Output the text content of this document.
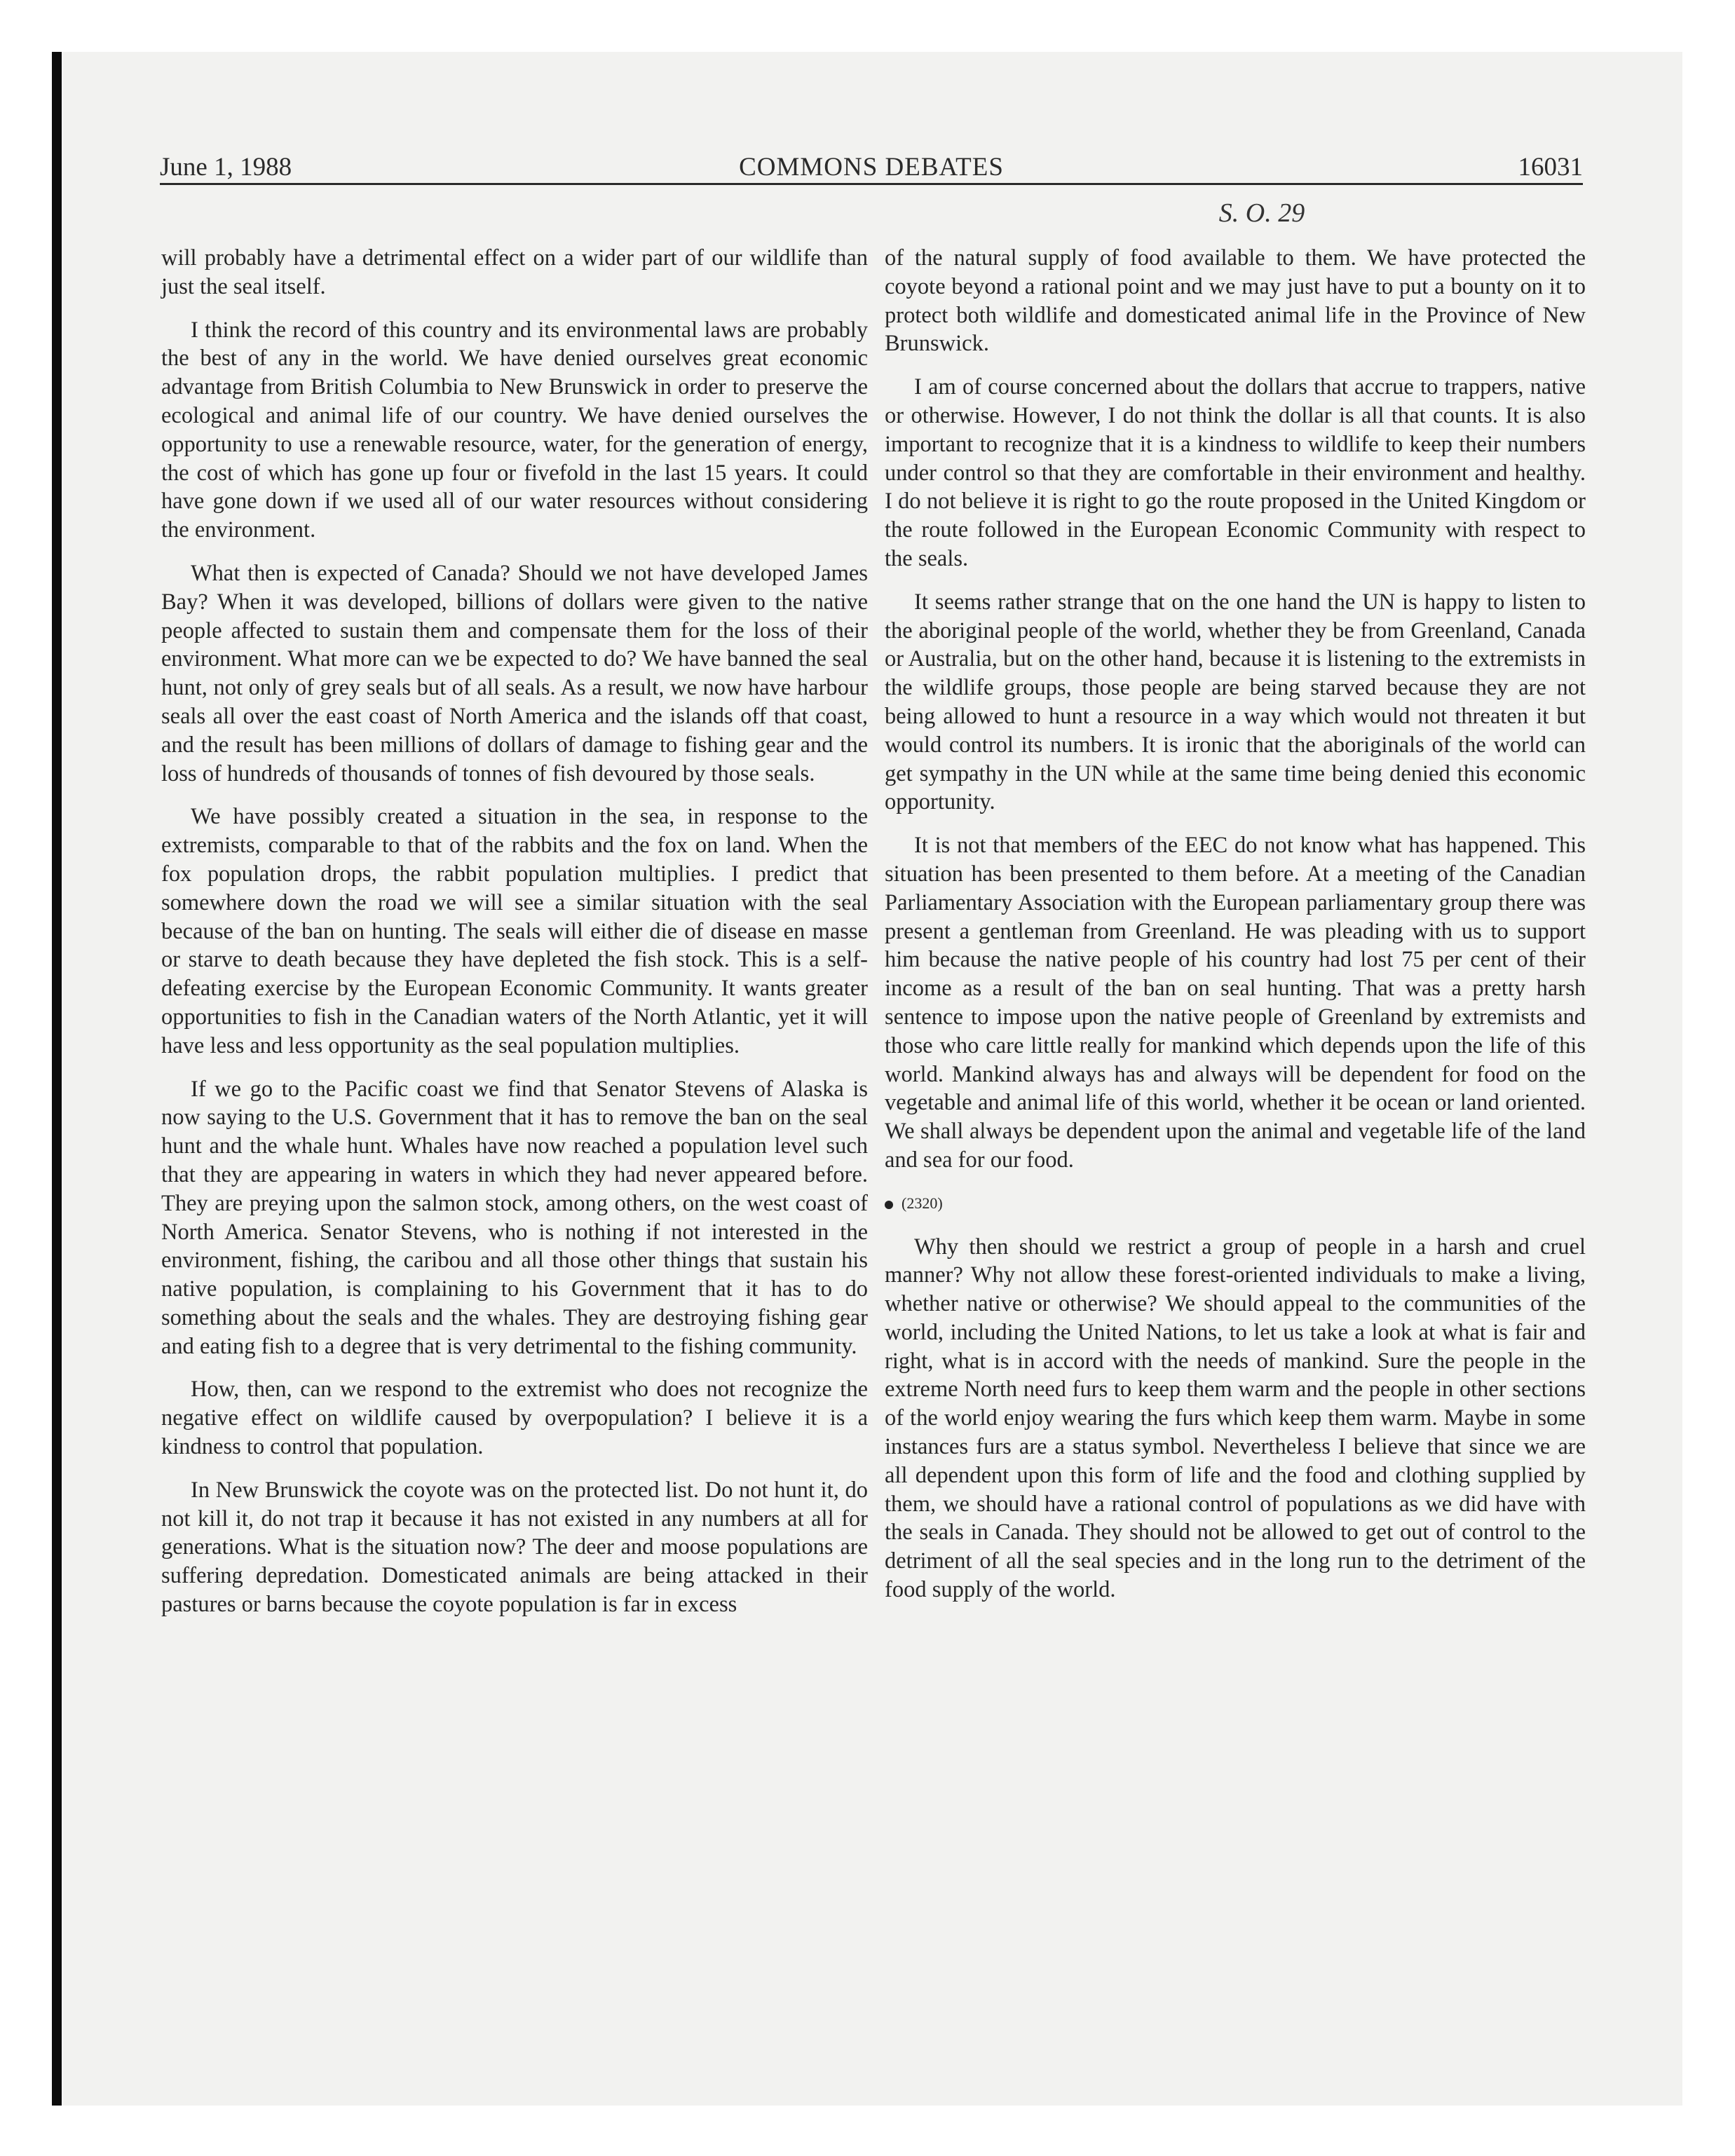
June 1, 1988	COMMONS DEBATES	16031
S. O. 29

will probably have a detrimental effect on a wider part of our wildlife than just the seal itself.

I think the record of this country and its environmental laws are probably the best of any in the world. We have denied ourselves great economic advantage from British Columbia to New Brunswick in order to preserve the ecological and animal life of our country. We have denied ourselves the opportunity to use a renewable resource, water, for the generation of energy, the cost of which has gone up four or fivefold in the last 15 years. It could have gone down if we used all of our water resources without considering the environment.

What then is expected of Canada? Should we not have developed James Bay? When it was developed, billions of dollars were given to the native people affected to sustain them and compensate them for the loss of their environment. What more can we be expected to do? We have banned the seal hunt, not only of grey seals but of all seals. As a result, we now have harbour seals all over the east coast of North America and the islands off that coast, and the result has been millions of dollars of damage to fishing gear and the loss of hundreds of thousands of tonnes of fish devoured by those seals.

We have possibly created a situation in the sea, in response to the extremists, comparable to that of the rabbits and the fox on land. When the fox population drops, the rabbit population multiplies. I predict that somewhere down the road we will see a similar situation with the seal because of the ban on hunting. The seals will either die of disease en masse or starve to death because they have depleted the fish stock. This is a self-defeating exercise by the European Economic Community. It wants greater opportunities to fish in the Canadian waters of the North Atlantic, yet it will have less and less opportunity as the seal population multiplies.

If we go to the Pacific coast we find that Senator Stevens of Alaska is now saying to the U.S. Government that it has to remove the ban on the seal hunt and the whale hunt. Whales have now reached a population level such that they are appearing in waters in which they had never appeared before. They are preying upon the salmon stock, among others, on the west coast of North America. Senator Stevens, who is nothing if not interested in the environment, fishing, the caribou and all those other things that sustain his native population, is complaining to his Government that it has to do something about the seals and the whales. They are destroying fishing gear and eating fish to a degree that is very detrimental to the fishing community.

How, then, can we respond to the extremist who does not recognize the negative effect on wildlife caused by overpopulation? I believe it is a kindness to control that population.

In New Brunswick the coyote was on the protected list. Do not hunt it, do not kill it, do not trap it because it has not existed in any numbers at all for generations. What is the situation now? The deer and moose populations are suffering depredation. Domesticated animals are being attacked in their pastures or barns because the coyote population is far in excess

of the natural supply of food available to them. We have protected the coyote beyond a rational point and we may just have to put a bounty on it to protect both wildlife and domesticated animal life in the Province of New Brunswick.

I am of course concerned about the dollars that accrue to trappers, native or otherwise. However, I do not think the dollar is all that counts. It is also important to recognize that it is a kindness to wildlife to keep their numbers under control so that they are comfortable in their environment and healthy. I do not believe it is right to go the route proposed in the United Kingdom or the route followed in the European Economic Community with respect to the seals.

It seems rather strange that on the one hand the UN is happy to listen to the aboriginal people of the world, whether they be from Greenland, Canada or Australia, but on the other hand, because it is listening to the extremists in the wildlife groups, those people are being starved because they are not being allowed to hunt a resource in a way which would not threaten it but would control its numbers. It is ironic that the aboriginals of the world can get sympathy in the UN while at the same time being denied this economic opportunity.

It is not that members of the EEC do not know what has happened. This situation has been presented to them before. At a meeting of the Canadian Parliamentary Association with the European parliamentary group there was present a gentleman from Greenland. He was pleading with us to support him because the native people of his country had lost 75 per cent of their income as a result of the ban on seal hunting. That was a pretty harsh sentence to impose upon the native people of Greenland by extremists and those who care little really for mankind which depends upon the life of this world. Mankind always has and always will be dependent for food on the vegetable and animal life of this world, whether it be ocean or land oriented. We shall always be dependent upon the animal and vegetable life of the land and sea for our food.

(2320)

Why then should we restrict a group of people in a harsh and cruel manner? Why not allow these forest-oriented individuals to make a living, whether native or otherwise? We should appeal to the communities of the world, including the United Nations, to let us take a look at what is fair and right, what is in accord with the needs of mankind. Sure the people in the extreme North need furs to keep them warm and the people in other sections of the world enjoy wearing the furs which keep them warm. Maybe in some instances furs are a status symbol. Nevertheless I believe that since we are all dependent upon this form of life and the food and clothing supplied by them, we should have a rational control of populations as we did have with the seals in Canada. They should not be allowed to get out of control to the detriment of all the seal species and in the long run to the detriment of the food supply of the world.
